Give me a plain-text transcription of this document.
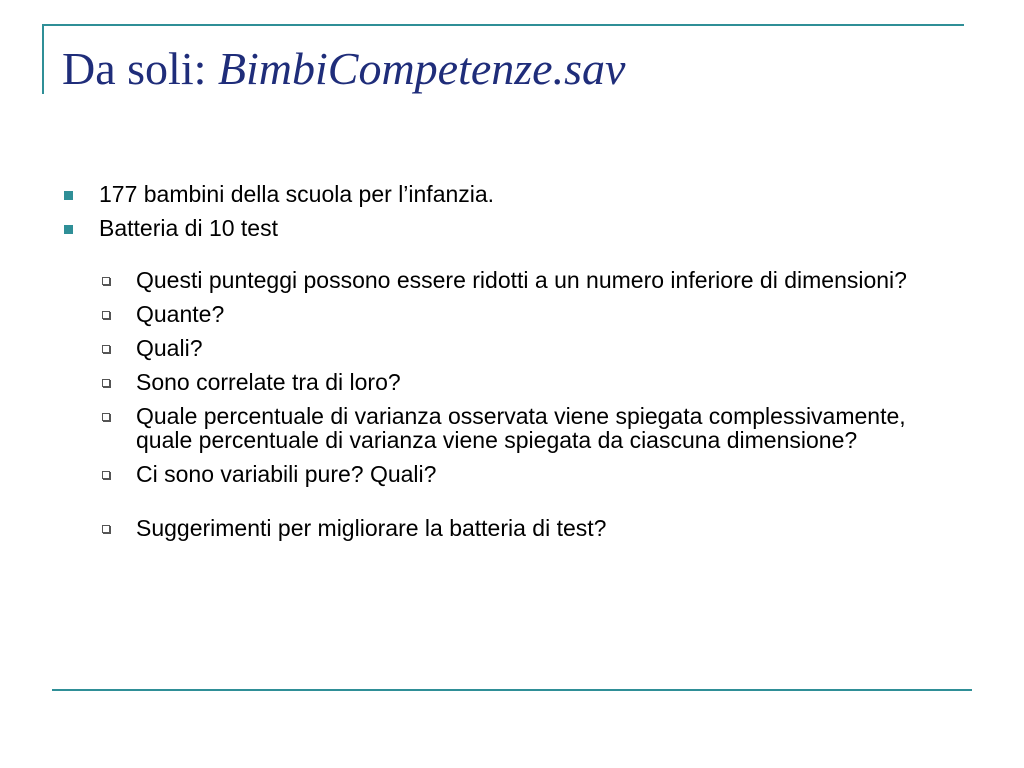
Da soli: BimbiCompetenze.sav
177 bambini della scuola per l’infanzia.
Batteria di 10 test
Questi punteggi possono essere ridotti a un numero inferiore di dimensioni?
Quante?
Quali?
Sono correlate tra di loro?
Quale percentuale di varianza osservata viene spiegata complessivamente, quale percentuale di varianza viene spiegata da ciascuna dimensione?
Ci sono variabili pure? Quali?
Suggerimenti per migliorare la batteria di test?
